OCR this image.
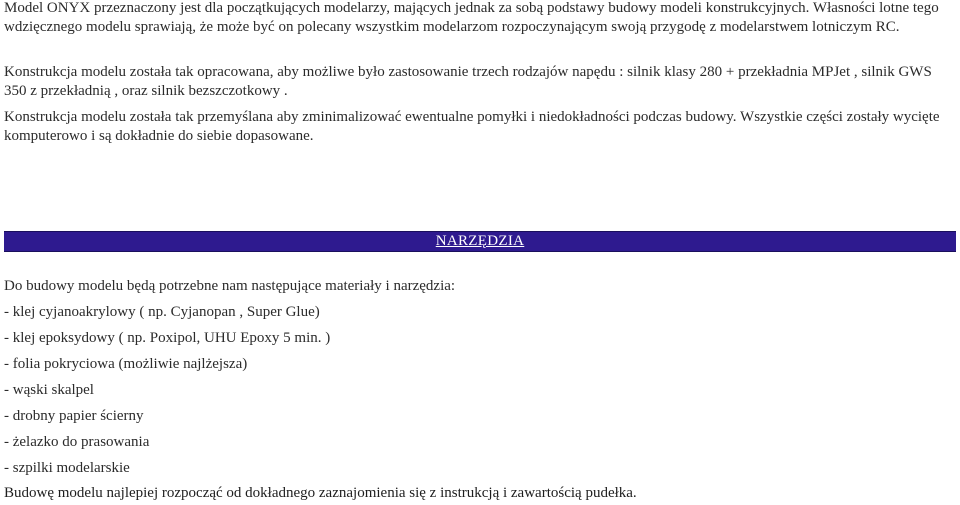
Model ONYX przeznaczony jest dla początkujących modelarzy, mających jednak za sobą podstawy budowy modeli konstrukcyjnych. Własności lotne tego wdzięcznego modelu sprawiają, że może być on polecany wszystkim modelarzom rozpoczynającym swoją przygodę z modelarstwem lotniczym RC.

Konstrukcja modelu została tak opracowana, aby możliwe było zastosowanie trzech rodzajów napędu : silnik klasy 280 + przekładnia MPJet , silnik GWS 350 z przekładnią , oraz silnik bezszczotkowy .

Konstrukcja modelu została tak przemyślana aby zminimalizować ewentualne pomyłki i niedokładności podczas budowy. Wszystkie części zostały wycięte komputerowo i są dokładnie do siebie dopasowane.

NARZĘDZIA
Do budowy modelu będą potrzebne nam następujące materiały i narzędzia:
- klej cyjanoakrylowy ( np. Cyjanopan , Super Glue)
- klej epoksydowy ( np. Poxipol, UHU Epoxy 5 min. )
- folia pokryciowa (możliwie najlżejsza)
- wąski skalpel
- drobny papier ścierny
- żelazko do prasowania
- szpilki modelarskie
Budowę modelu najlepiej rozpocząć od dokładnego zaznajomienia się z instrukcją i zawartością pudełka.
